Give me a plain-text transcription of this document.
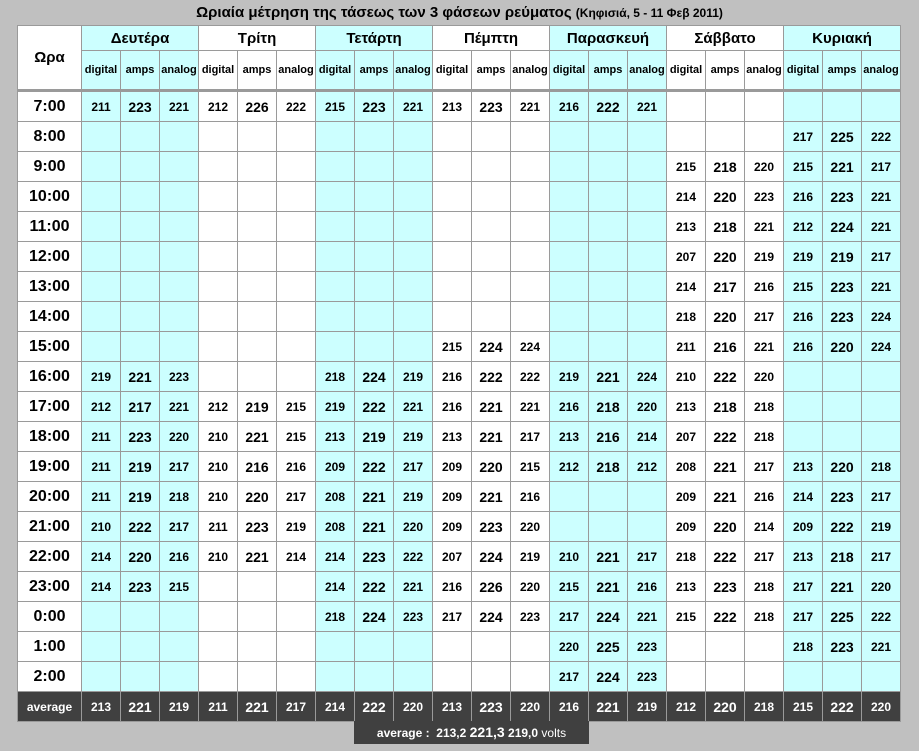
Ωριαία μέτρηση της τάσεως των 3 φάσεων ρεύματος (Κηφισιά, 5 - 11 Φεβ 2011)
Ωρα	Δευτέρα			Τρίτη			Τετάρτη			Πέμπτη			Παρασκευή			Σάββατο			Κυριακή		
	digital	amps	analog	digital	amps	analog	digital	amps	analog	digital	amps	analog	digital	amps	analog	digital	amps	analog	digital	amps	analog
7:00	211	223	221	212	226	222	215	223	221	213	223	221	216	222	221						
8:00																			217	225	222
9:00																215	218	220	215	221	217
10:00																214	220	223	216	223	221
11:00																213	218	221	212	224	221
12:00																207	220	219	219	219	217
13:00																214	217	216	215	223	221
14:00																218	220	217	216	223	224
15:00										215	224	224				211	216	221	216	220	224
16:00	219	221	223				218	224	219	216	222	222	219	221	224	210	222	220			
17:00	212	217	221	212	219	215	219	222	221	216	221	221	216	218	220	213	218	218			
18:00	211	223	220	210	221	215	213	219	219	213	221	217	213	216	214	207	222	218			
19:00	211	219	217	210	216	216	209	222	217	209	220	215	212	218	212	208	221	217	213	220	218
20:00	211	219	218	210	220	217	208	221	219	209	221	216				209	221	216	214	223	217
21:00	210	222	217	211	223	219	208	221	220	209	223	220				209	220	214	209	222	219
22:00	214	220	216	210	221	214	214	223	222	207	224	219	210	221	217	218	222	217	213	218	217
23:00	214	223	215				214	222	221	216	226	220	215	221	216	213	223	218	217	221	220
0:00							218	224	223	217	224	223	217	224	221	215	222	218	217	225	222
1:00													220	225	223				218	223	221
2:00													217	224	223						
average	213	221	219	211	221	217	214	222	220	213	223	220	216	221	219	212	220	218	215	222	220
average : 213,2 221,3 219,0 volts
